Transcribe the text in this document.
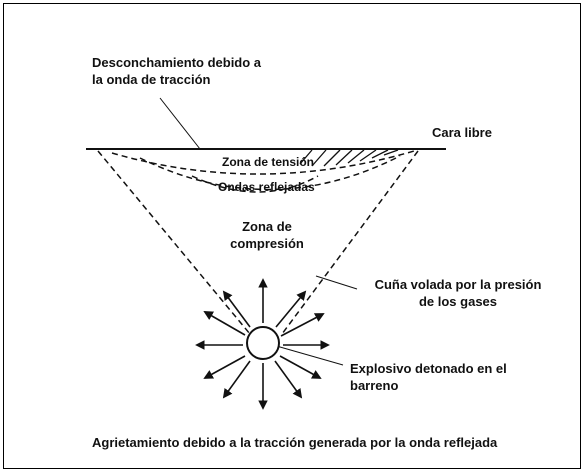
Desconchamiento debido a
la onda de tracción
Cara libre
Zona de tensión
Ondas reflejadas
Zona de
compresión
Cuña volada por la presión
de los gases
Explosivo detonado en el
barreno
Agrietamiento debido a la tracción generada por la onda reflejada
